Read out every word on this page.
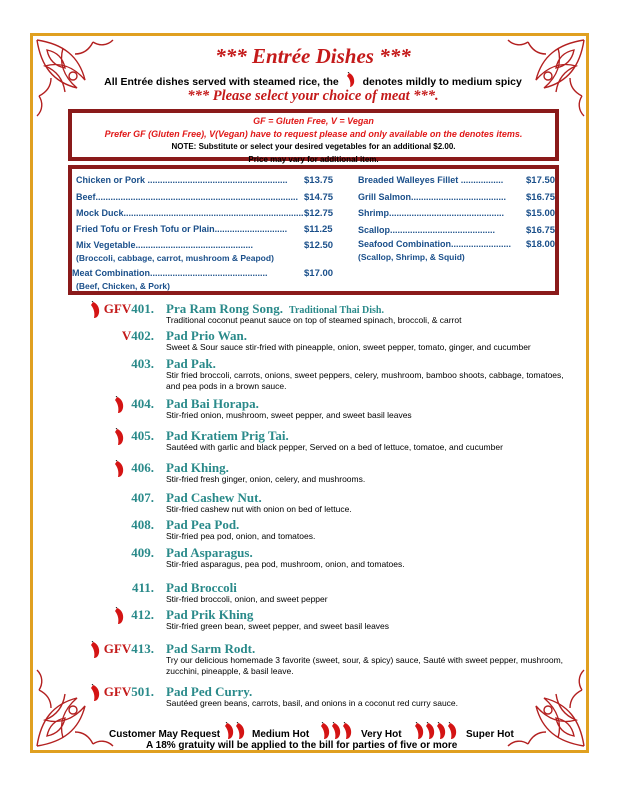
*** Entrée Dishes ***
All Entrée dishes served with steamed rice, the denotes mildly to medium spicy
*** Please select your choice of meat ***.
GF = Gluten Free, V = Vegan
Prefer GF (Gluten Free), V(Vegan) have to request please and only available on the denotes items.
NOTE: Substitute or select your desired vegetables for an additional $2.00.
Price may vary for additional item.
Chicken or Pork ........................................................ $13.75
Beef................................................................................. $14.75
Mock Duck........................................................................ $12.75
Fried Tofu or Fresh Tofu or Plain............................. $11.25
Mix Vegetable...............................................	$12.50
(Broccoli, cabbage, carrot, mushroom & Peapod)
Meat Combination...............................................	$17.00
(Beef, Chicken, & Pork)
Breaded Walleyes Fillet ................. $17.50
Grill Salmon...................................... $16.75
Shrimp.............................................. $15.00
Scallop..........................................	$16.75
Seafood Combination........................ $18.00
(Scallop, Shrimp, & Squid)
GFV401. Pra Ram Rong Song. Traditional Thai Dish.
Traditional coconut peanut sauce on top of steamed spinach, broccoli, & carrot
V402. Pad Prio Wan.
Sweet & Sour sauce stir-fried with pineapple, onion, sweet pepper, tomato, ginger, and cucumber
403. Pad Pak.
Stir fried broccoli, carrots, onions, sweet peppers, celery, mushroom, bamboo shoots, cabbage, tomatoes, and pea pods in a brown sauce.
404. Pad Bai Horapa.
Stir-fried onion, mushroom, sweet pepper, and sweet basil leaves
405. Pad Kratiem Prig Tai.
Sautéed with garlic and black pepper, Served on a bed of lettuce, tomatoe, and cucumber
406. Pad Khing.
Stir-fried fresh ginger, onion, celery, and mushrooms.
407. Pad Cashew Nut.
Stir-fried cashew nut with onion on bed of lettuce.
408. Pad Pea Pod.
Stir-fried pea pod, onion, and tomatoes.
409. Pad Asparagus.
Stir-fried asparagus, pea pod, mushroom, onion, and tomatoes.
411. Pad Broccoli
Stir-fried broccoli, onion, and sweet pepper
412. Pad Prik Khing
Stir-fried green bean, sweet pepper, and sweet basil leaves
GFV413. Pad Sarm Rodt.
Try our delicious homemade 3 favorite (sweet, sour, & spicy) sauce, Sauté with sweet pepper, mushroom, zucchini, pineapple, & basil leave.
GFV501. Pad Ped Curry.
Sautéed green beans, carrots, basil, and onions in a coconut red curry sauce.
Customer May Request	Medium Hot	Very Hot	Super Hot
A 18% gratuity will be applied to the bill for parties of five or more
